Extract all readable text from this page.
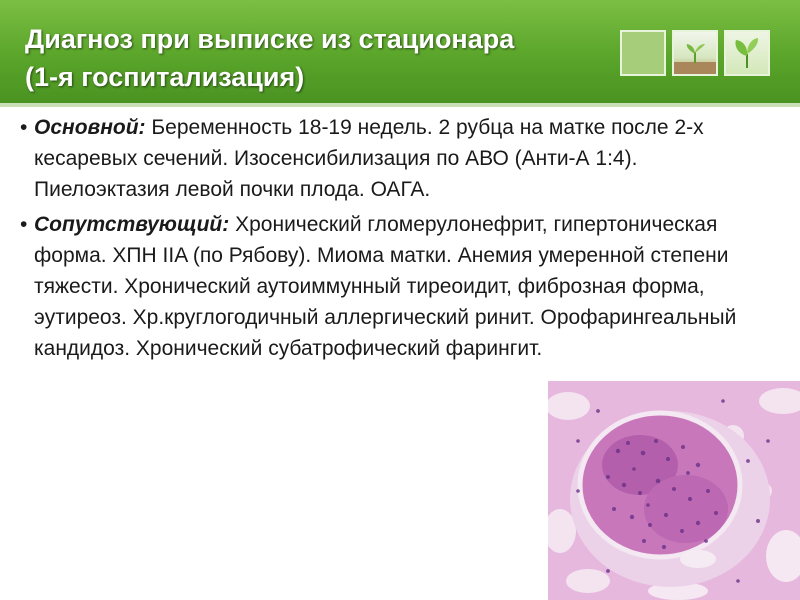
Диагноз при выписке из стационара
(1-я госпитализация)

• Основной: Беременность 18-19 недель. 2 рубца на матке после 2-х кесаревых сечений. Изосенсибилизация по АВО (Анти-А 1:4). Пиелоэктазия левой почки плода. ОАГА.

• Сопутствующий: Хронический гломерулонефрит, гипертоническая форма. ХПН IIA (по Рябову). Миома матки. Анемия умеренной степени тяжести. Хронический аутоиммунный тиреоидит, фиброзная форма, эутиреоз. Хр.круглогодичный аллергический ринит. Орофарингеальный кандидоз. Хронический субатрофический фарингит.
